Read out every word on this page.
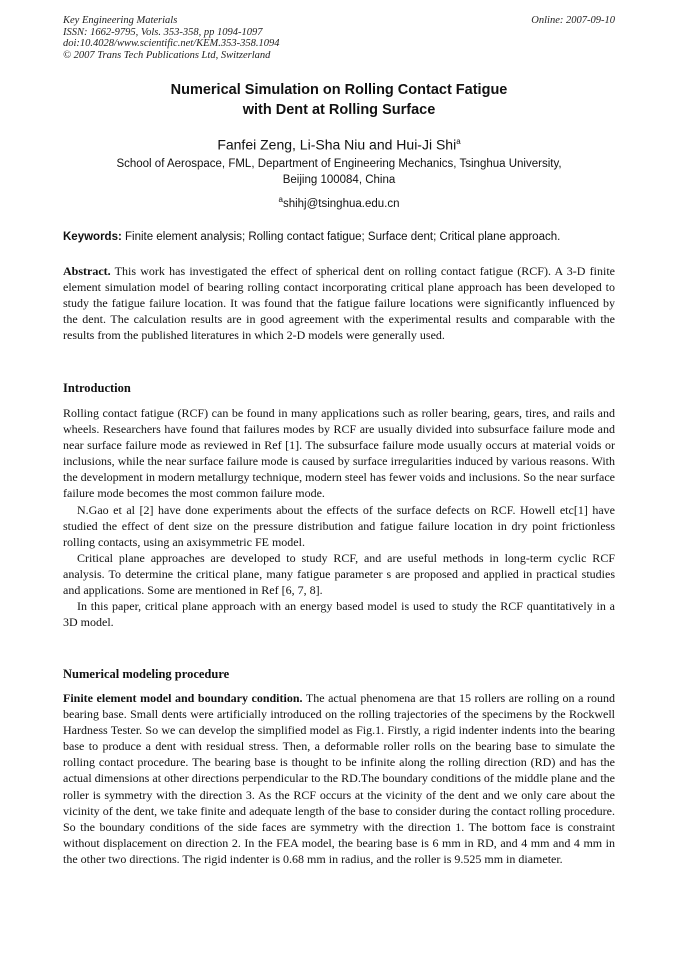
Key Engineering Materials
ISSN: 1662-9795, Vols. 353-358, pp 1094-1097
doi:10.4028/www.scientific.net/KEM.353-358.1094
© 2007 Trans Tech Publications Ltd, Switzerland
Online: 2007-09-10
Numerical Simulation on Rolling Contact Fatigue
with Dent at Rolling Surface
Fanfei Zeng, Li-Sha Niu and Hui-Ji Shi$^a$
School of Aerospace, FML, Department of Engineering Mechanics, Tsinghua University,
Beijing 100084, China
$^a$shihj@tsinghua.edu.cn
Keywords: Finite element analysis; Rolling contact fatigue; Surface dent; Critical plane approach.
Abstract. This work has investigated the effect of spherical dent on rolling contact fatigue (RCF). A 3-D finite element simulation model of bearing rolling contact incorporating critical plane approach has been developed to study the fatigue failure location. It was found that the fatigue failure locations were significantly influenced by the dent. The calculation results are in good agreement with the experimental results and comparable with the results from the published literatures in which 2-D models were generally used.
Introduction

Rolling contact fatigue (RCF) can be found in many applications such as roller bearing, gears, tires, and rails and wheels. Researchers have found that failures modes by RCF are usually divided into subsurface failure mode and near surface failure mode as reviewed in Ref [1]. The subsurface failure mode usually occurs at material voids or inclusions, while the near surface failure mode is caused by surface irregularities induced by various reasons. With the development in modern metallurgy technique, modern steel has fewer voids and inclusions. So the near surface failure mode becomes the most common failure mode.

N.Gao et al [2] have done experiments about the effects of the surface defects on RCF. Howell etc[1] have studied the effect of dent size on the pressure distribution and fatigue failure location in dry point frictionless rolling contacts, using an axisymmetric FE model.

Critical plane approaches are developed to study RCF, and are useful methods in long-term cyclic RCF analysis. To determine the critical plane, many fatigue parameter s are proposed and applied in practical studies and applications. Some are mentioned in Ref [6, 7, 8].

In this paper, critical plane approach with an energy based model is used to study the RCF quantitatively in a 3D model.

Numerical modeling procedure
Finite element model and boundary condition. The actual phenomena are that 15 rollers are rolling on a round bearing base. Small dents were artificially introduced on the rolling trajectories of the specimens by the Rockwell Hardness Tester. So we can develop the simplified model as Fig.1. Firstly, a rigid indenter indents into the bearing base to produce a dent with residual stress. Then, a deformable roller rolls on the bearing base to simulate the rolling contact procedure. The bearing base is thought to be infinite along the rolling direction (RD) and has the actual dimensions at other directions perpendicular to the RD.The boundary conditions of the middle plane and the roller is symmetry with the direction 3. As the RCF occurs at the vicinity of the dent and we only care about the vicinity of the dent, we take finite and adequate length of the base to consider during the contact rolling procedure. So the boundary conditions of the side faces are symmetry with the direction 1. The bottom face is constraint without displacement on direction 2. In the FEA model, the bearing base is 6 mm in RD, and 4 mm and 4 mm in the other two directions. The rigid indenter is 0.68 mm in radius, and the roller is 9.525 mm in diameter.
